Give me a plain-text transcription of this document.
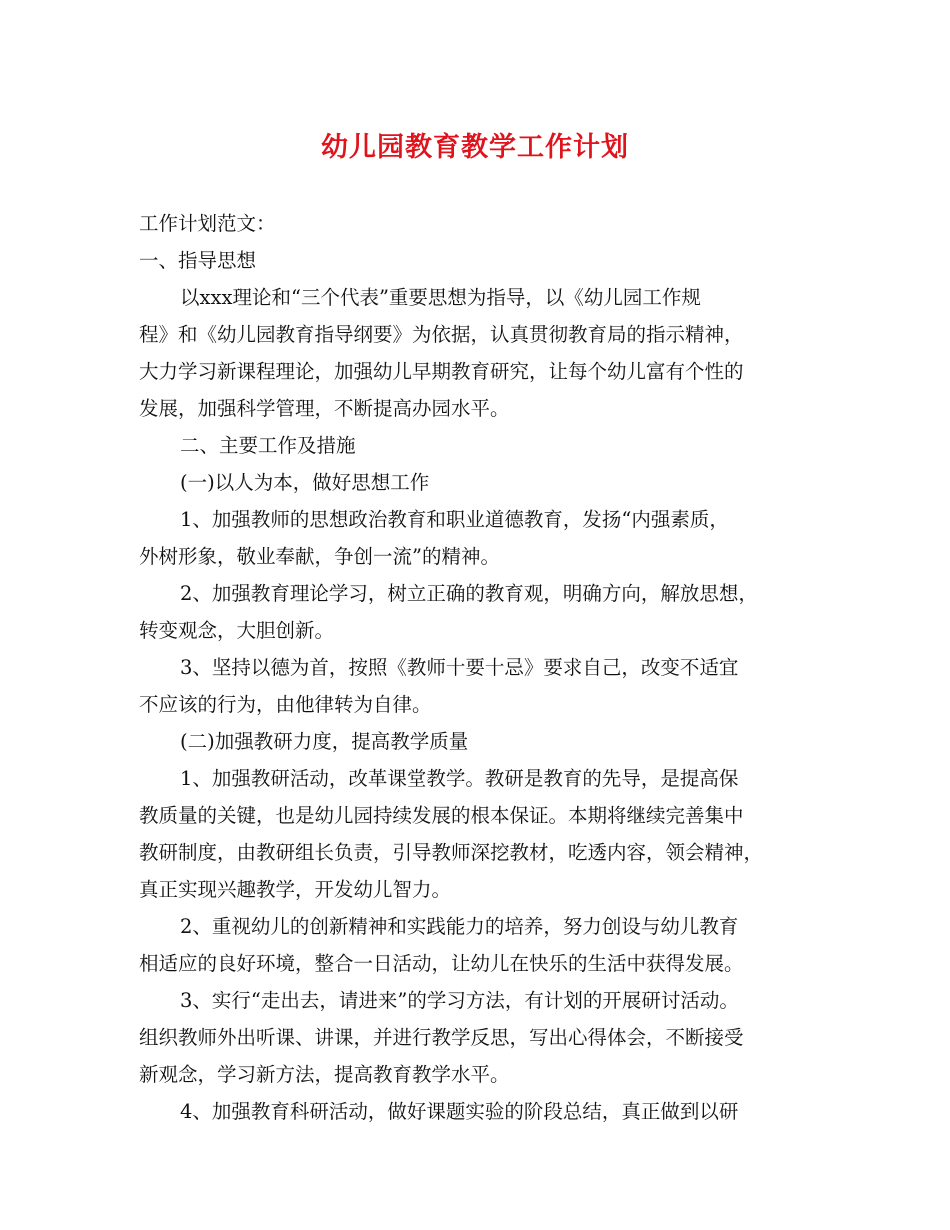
幼儿园教育教学工作计划
工作计划范文：
一、指导思想
以xxx理论和“三个代表”重要思想为指导，以《幼儿园工作规
程》和《幼儿园教育指导纲要》为依据，认真贯彻教育局的指示精神，
大力学习新课程理论，加强幼儿早期教育研究，让每个幼儿富有个性的
发展，加强科学管理，不断提高办园水平。
二、主要工作及措施
(一)以人为本，做好思想工作
1、加强教师的思想政治教育和职业道德教育，发扬“内强素质，
外树形象，敬业奉献，争创一流”的精神。
2、加强教育理论学习，树立正确的教育观，明确方向，解放思想，
转变观念，大胆创新。
3、坚持以德为首，按照《教师十要十忌》要求自己，改变不适宜
不应该的行为，由他律转为自律。
(二)加强教研力度，提高教学质量
1、加强教研活动，改革课堂教学。教研是教育的先导，是提高保
教质量的关键，也是幼儿园持续发展的根本保证。本期将继续完善集中
教研制度，由教研组长负责，引导教师深挖教材，吃透内容，领会精神，
真正实现兴趣教学，开发幼儿智力。
2、重视幼儿的创新精神和实践能力的培养，努力创设与幼儿教育
相适应的良好环境，整合一日活动，让幼儿在快乐的生活中获得发展。
3、实行“走出去，请进来”的学习方法，有计划的开展研讨活动。
组织教师外出听课、讲课，并进行教学反思，写出心得体会，不断接受
新观念，学习新方法，提高教育教学水平。
4、加强教育科研活动，做好课题实验的阶段总结，真正做到以研
